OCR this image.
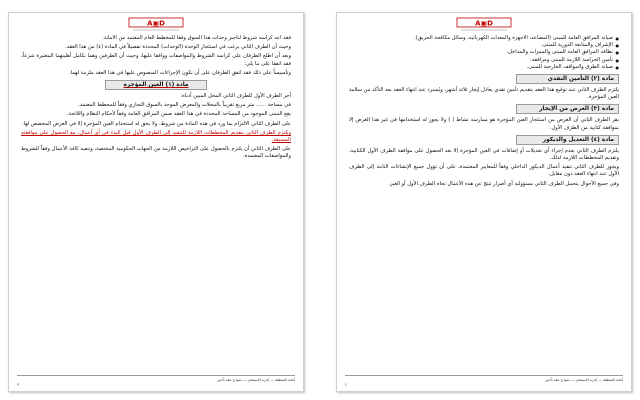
A▣D

فقد أعد كراسة شروط لتأجير وحدات هذا السوق وفقاً للمخطط العام المعتمد من الأمانة.

وحيث أن الطرف الثاني يرغب في استئجار الوحدة (الوحدات) المحددة تفصيلاً في المادة (٤) من هذا العقد.

وبعد أن اطلع الطرفان على كراسة الشروط والمواصفات ووافقا عليها، وحيث أن الطرفين وهما بكامل أهليتهما المعتبرة شرعاً، فقد اتفقا على ما يلي:

وتأسيساً على ذلك فقد اتفق الطرفان على أن تكون الإجراءات المنصوص عليها في هذا العقد ملزمة لهما.

مادة (١) العين المؤجرة

أجر الطرف الأول للطرف الثاني المحل المبين أدناه:

في مساحة ...... متر مربع تقريباً بالمحلات والمعرض الموحد بالسوق التجاري وفقاً للمخطط المعتمد.

يقع المبنى الموجود من المساحة المحددة في هذا العقد ضمن المرافق العامة وفقاً لأحكام النظام واللائحة.

على الطرف الثاني الالتزام بما ورد في هذه المادة من شروط، ولا يحق له استخدام العين المؤجرة إلا في الغرض المخصص لها.

ويلتزم الطرف الثاني بتقديم المخططات اللازمة للتنفيذ إلى الطرف الأول قبل البدء في أي أعمال، مع الحصول على موافقته المسبقة.

على الطرف الثاني أن يلتزم بالحصول على التراخيص اللازمة من الجهات الحكومية المختصة، وتنفيذ كافة الأعمال وفقاً للشروط والمواصفات المعتمدة.

أمانة المنطقة — إدارة الاستثمار — نموذج عقد تأجير
٣
A▣D
● صيانة المرافق العامة للمبنى (المصاعد، الأجهزة والمعدات الكهربائية، وسائل مكافحة الحريق).
● الإشراف والمتابعة الدورية للمبنى.
● نظافة المرافق العامة للمبنى والممرات والمداخل.
● تأمين الحراسة اللازمة للمبنى ومرافقه.
● صيانة الطرق والمواقف الخارجية للمبنى.
مادة (٢) التأمين النقدي

يلتزم الطرف الثاني عند توقيع هذا العقد بتقديم تأمين نقدي يعادل إيجار ثلاثة أشهر، ويُسترد عند انتهاء العقد بعد التأكد من سلامة العين المؤجرة.

مادة (٣) الغرض من الإيجار

يقر الطرف الثاني أن الغرض من استئجار العين المؤجرة هو ممارسة نشاط ( ) ولا يجوز له استخدامها في غير هذا الغرض إلا بموافقة كتابية من الطرف الأول.

مادة (٤) التعديل والديكور

يلتزم الطرف الثاني بعدم إجراء أي تعديلات أو إضافات في العين المؤجرة إلا بعد الحصول على موافقة الطرف الأول الكتابية، وتقديم المخططات اللازمة لذلك.

ويجوز للطرف الثاني تنفيذ أعمال الديكور الداخلي وفقاً للمعايير المعتمدة، على أن تؤول جميع الإنشاءات الثابتة إلى الطرف الأول عند انتهاء العقد دون مقابل.

وفي جميع الأحوال يتحمل الطرف الثاني مسؤولية أي أضرار تنتج عن هذه الأعمال تجاه الطرف الأول أو الغير.

أمانة المنطقة — إدارة الاستثمار — نموذج عقد تأجير
٢
